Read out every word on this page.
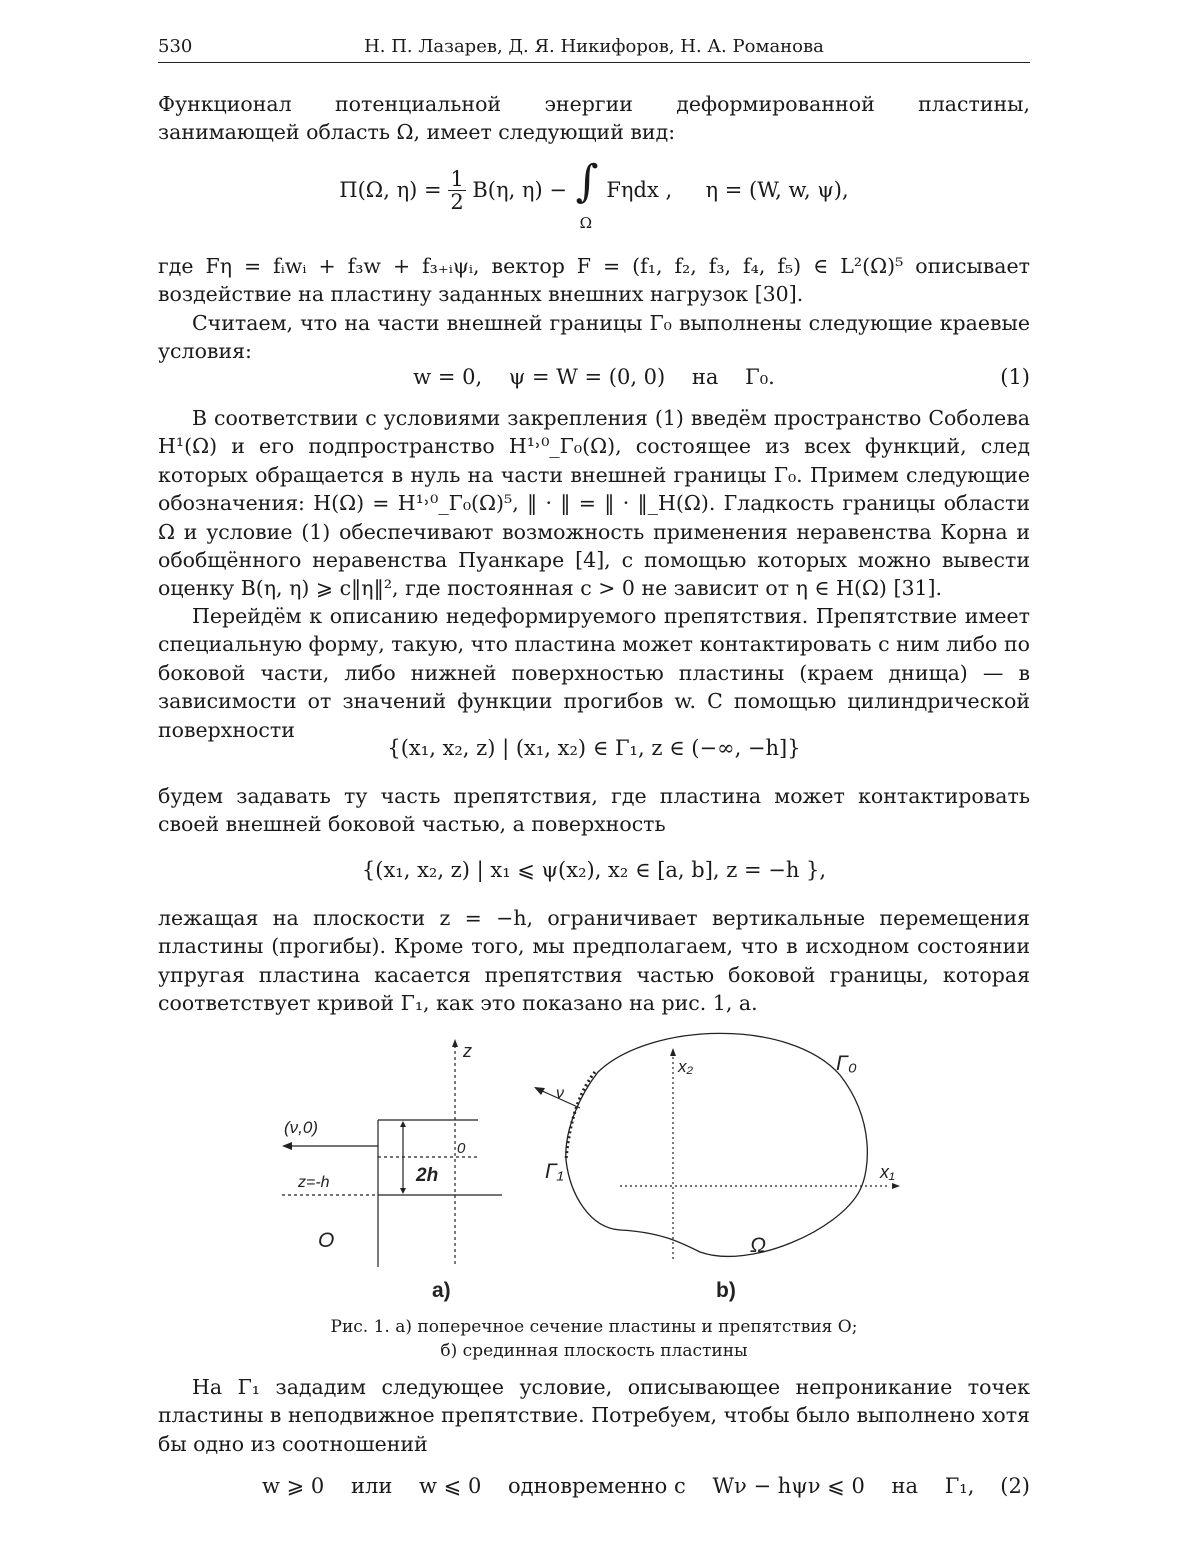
530	Н. П. Лазарев, Д. Я. Никифоров, Н. А. Романова
Функционал потенциальной энергии деформированной пластины, занимающей область Ω, имеет следующий вид:
Π(Ω, $\eta) = \frac{1}{2} B(\eta$, η) − ∫
Ω
Fηdx ,     η = (W, w, ψ),
где Fη = fᵢwᵢ + f₃w + f₃₊ᵢψᵢ, вектор F = (f₁, f₂, f₃, f₄, f₅) ∈ L²(Ω)⁵ описывает воздействие на пластину заданных внешних нагрузок [30].
Считаем, что на части внешней границы Γ₀ выполнены следующие краевые условия:
w = 0,    ψ = W = (0, 0)    на    Γ₀.	(1)
В соответствии с условиями закрепления (1) введём пространство Соболева H¹(Ω) и его подпространство H¹˒⁰_Γ₀(Ω), состоящее из всех функций, след которых обращается в нуль на части внешней границы Γ₀. Примем следующие обозначения: H(Ω) = H¹˒⁰_Γ₀(Ω)⁵, ‖ · ‖ = ‖ · ‖_H(Ω). Гладкость границы области Ω и условие (1) обеспечивают возможность применения неравенства Корна и обобщённого неравенства Пуанкаре [4], с помощью которых можно вывести оценку B(η, η) ⩾ c‖η‖², где постоянная c > 0 не зависит от η ∈ H(Ω) [31].
Перейдём к описанию недеформируемого препятствия. Препятствие имеет специальную форму, такую, что пластина может контактировать с ним либо по боковой части, либо нижней поверхностью пластины (краем днища) — в зависимости от значений функции прогибов w. С помощью цилиндрической поверхности
{(x₁, x₂, z) | (x₁, x₂) ∈ Γ₁, z ∈ (−∞, −h]}
будем задавать ту часть препятствия, где пластина может контактировать своей внешней боковой частью, а поверхность
{(x₁, x₂, z) | x₁ ⩽ ψ(x₂), x₂ ∈ [a, b], z = −h },
лежащая на плоскости z = −h, ограничивает вертикальные перемещения пластины (прогибы). Кроме того, мы предполагаем, что в исходном состоянии упругая пластина касается препятствия частью боковой границы, которая соответствует кривой Γ₁, как это показано на рис. 1, а.
Рис. 1. а) поперечное сечение пластины и препятствия O;
б) срединная плоскость пластины
На Γ₁ зададим следующее условие, описывающее непроникание точек пластины в неподвижное препятствие. Потребуем, чтобы было выполнено хотя бы одно из соотношений
w ⩾ 0    или    w ⩽ 0    одновременно с    Wν − hψν ⩽ 0    на    Γ₁,	(2)
z
(ν,0)
0
2h
z=-h
O
a)
x₂
x₁
ν
Γ₀
Γ₁
Ω
b)
